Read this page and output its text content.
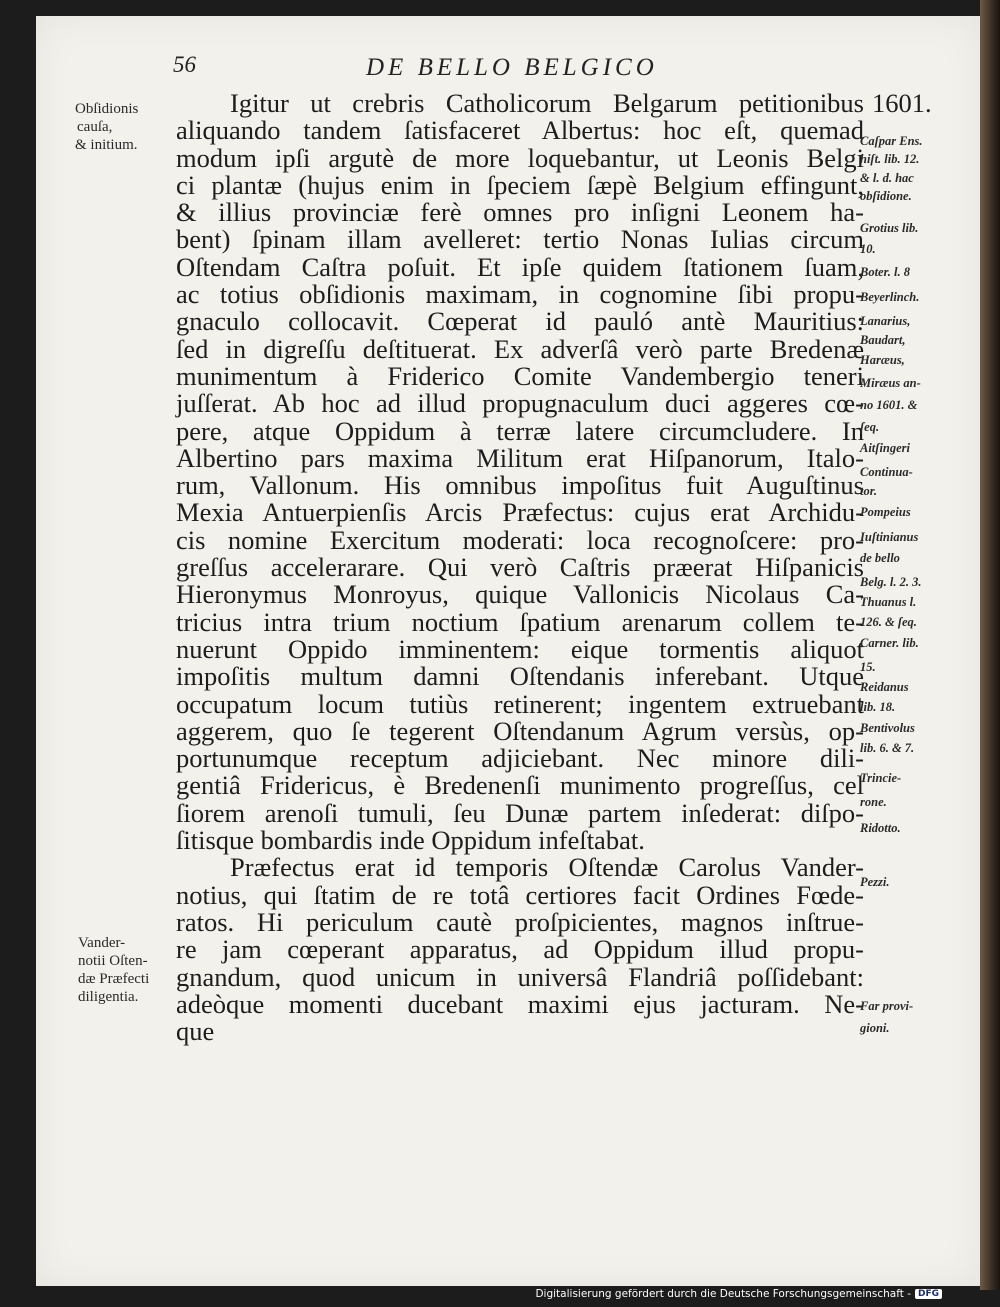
56	DE BELLO BELGICO
1601.
Obſidionis
cauſa,
& initium.
Vander-
notii Oſten-
dæ Præfecti
diligentia.
Igitur ut crebris Catholicorum Belgarum petitionibus
aliquando tandem ſatisfaceret Albertus: hoc eſt, quemad
modum ipſi argutè de more loquebantur, ut Leonis Belgi
ci plantæ (hujus enim in ſpeciem ſæpè Belgium effingunt,
& illius provinciæ ferè omnes pro inſigni Leonem ha-
bent) ſpinam illam avelleret: tertio Nonas Iulias circum
Oſtendam Caſtra poſuit. Et ipſe quidem ſtationem ſuam,
ac totius obſidionis maximam, in cognomine ſibi propu-
gnaculo collocavit. Cœperat id pauló antè Mauritius:
ſed in digreſſu deſtituerat. Ex adverſâ verò parte Bredenæ
munimentum à Friderico Comite Vandembergio teneri
juſſerat. Ab hoc ad illud propugnaculum duci aggeres cœ-
pere, atque Oppidum à terræ latere circumcludere. In
Albertino pars maxima Militum erat Hiſpanorum, Italo-
rum, Vallonum. His omnibus impoſitus fuit Auguſtinus
Mexia Antuerpienſis Arcis Præfectus: cujus erat Archidu-
cis nomine Exercitum moderati: loca recognoſcere: pro-
greſſus accelerarare. Qui verò Caſtris præerat Hiſpanicis
Hieronymus Monroyus, quique Vallonicis Nicolaus Ca-
tricius intra trium noctium ſpatium arenarum collem te-
nuerunt Oppido imminentem: eique tormentis aliquot
impoſitis multum damni Oſtendanis inferebant. Utque
occupatum locum tutiùs retinerent; ingentem extruebant
aggerem, quo ſe tegerent Oſtendanum Agrum versùs, op-
portunumque receptum adjiciebant. Nec minore dili-
gentiâ Fridericus, è Bredenenſi munimento progreſſus, cel
ſiorem arenoſi tumuli, ſeu Dunæ partem inſederat: diſpo-
ſitisque bombardis inde Oppidum infeſtabat.
Præfectus erat id temporis Oſtendæ Carolus Vander-
notius, qui ſtatim de re totâ certiores facit Ordines Fœde-
ratos. Hi periculum cautè proſpicientes, magnos inſtrue-
re jam cœperant apparatus, ad Oppidum illud propu-
gnandum, quod unicum in universâ Flandriâ poſſidebant:
adeòque momenti ducebant maximi ejus jacturam. Ne-
que
Caſpar Ens.
hiſt. lib. 12.
& l. d. hac
obſidione.
Grotius lib.
10.
Boter. l. 8
Beyerlinch.
Lanarius,
Baudart,
Haræus,
Miræus an-
no 1601. &
ſeq.
Aitſingeri
Continua-
tor.
Pompeius
Iuſtinianus
de bello
Belg. l. 2. 3.
Thuanus l.
126. & ſeq.
Carner. lib.
15.
Reidanus
lib. 18.
Bentivolus
lib. 6. & 7.
Trincie-
rone.
Ridotto.
Pezzi.
Far provi-
gioni.
Digitalisierung gefördert durch die Deutsche Forschungsgemeinschaft - DFG
